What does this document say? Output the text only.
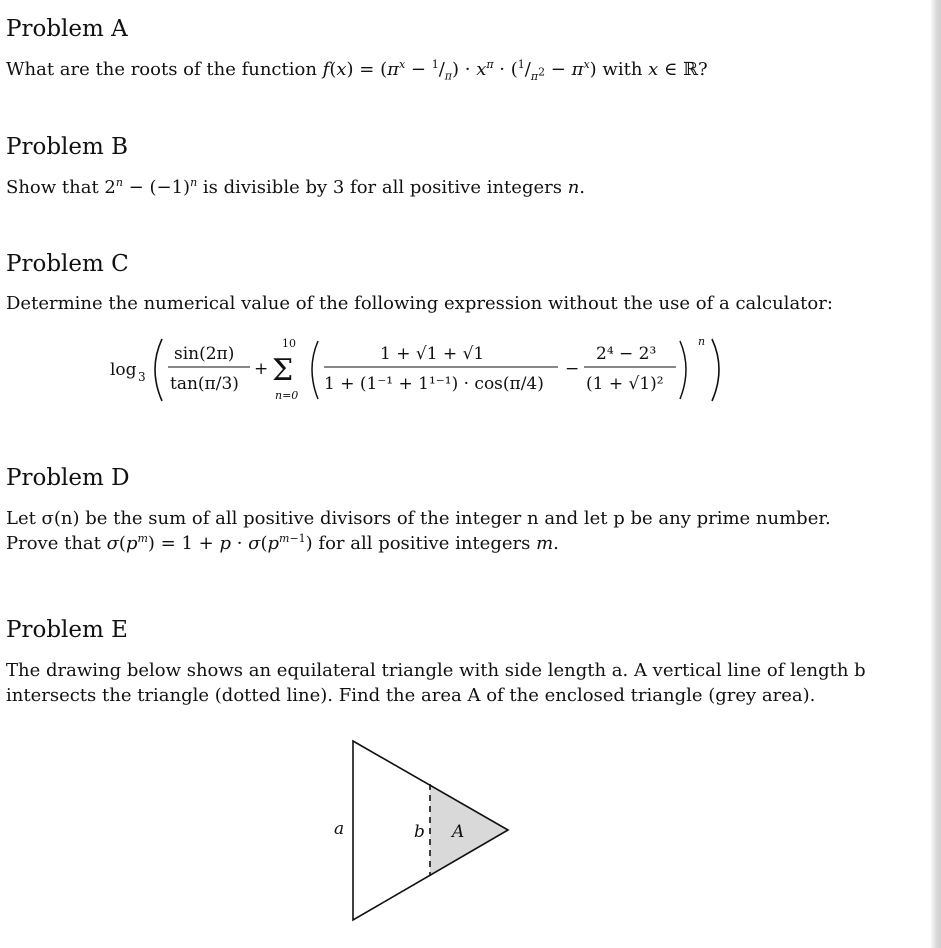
Problem A
What are the roots of the function $f(x) = (\pi^x - ^1/_\pi) \cdot x^\pi \cdot (^1/_{\pi^2} - \pi^x)$ with x ∈ ℝ?
Problem B
Show that $2^n - (-1)^n$ is divisible by 3 for all positive integers n.
Problem C
Determine the numerical value of the following expression without the use of a calculator:
log 3
sin(2π)
tan(π/3)
+
10
Σ
n=0
1 + √1 + √1
1 + (1⁻¹ + 1¹⁻¹) · cos(π/4)
−
2⁴ − 2³
(1 + √1)²
n
Problem D
Let σ(n) be the sum of all positive divisors of the integer n and let p be any prime number.
Prove that $\sigma(p^m) = 1 + p \cdot \sigma(p^{m-1})$ for all positive integers m.
Problem E
The drawing below shows an equilateral triangle with side length a. A vertical line of length b
intersects the triangle (dotted line). Find the area A of the enclosed triangle (grey area).
a	b A
